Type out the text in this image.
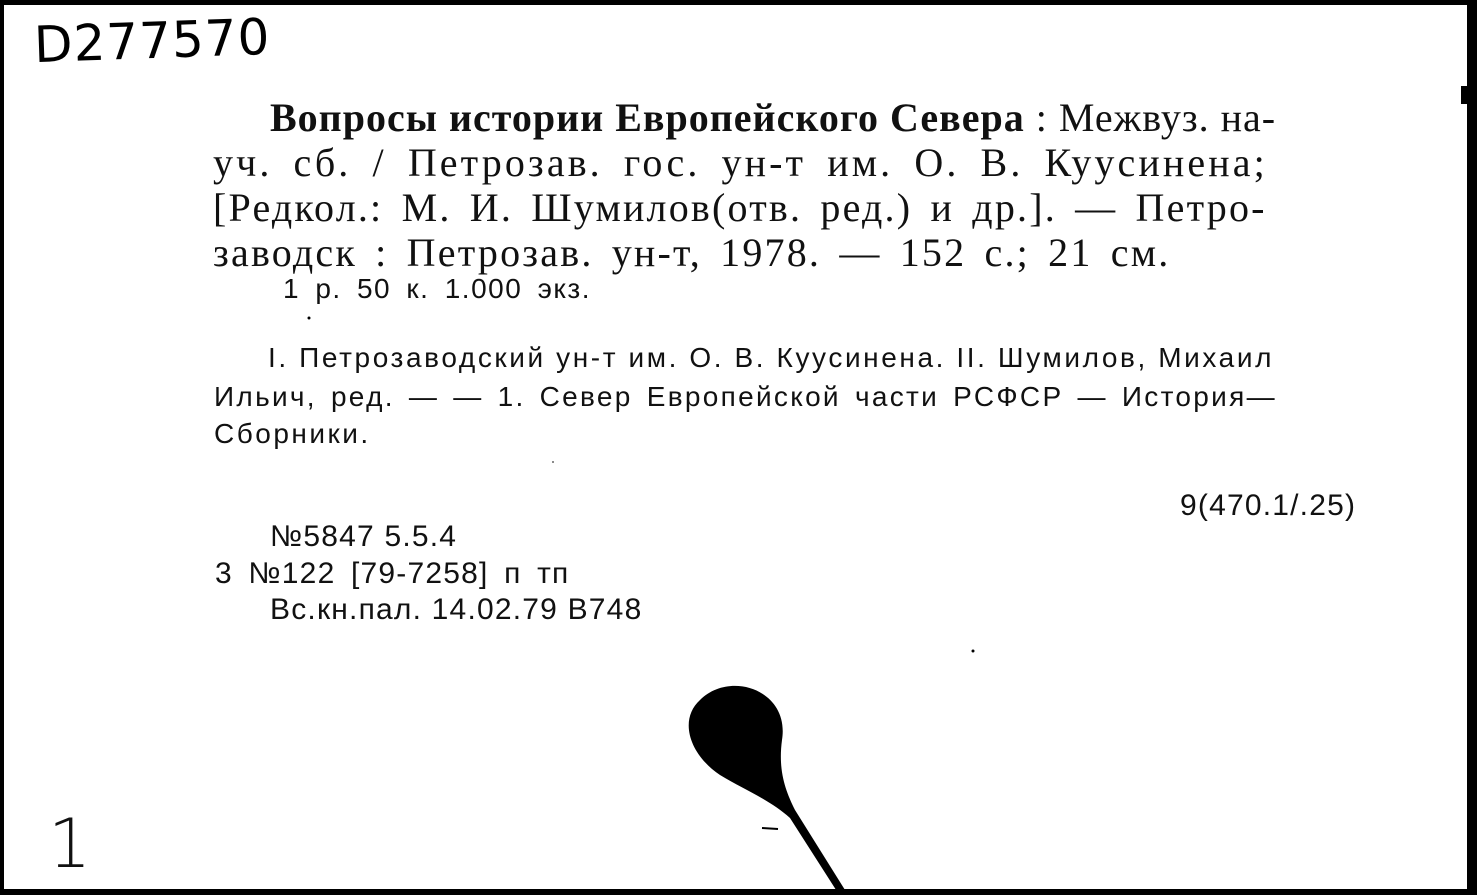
D277570
Вопросы истории Европейского Севера : Межвуз. на-
уч. сб. / Петрозав. гос. ун-т им. О. В. Куусинена;
[Редкол.: М. И. Шумилов(отв. ред.) и др.]. — Петро-
заводск : Петрозав. ун-т, 1978. — 152 с.; 21 см.
1 р. 50 к. 1.000 экз.
I. Петрозаводский ун-т им. О. В. Куусинена. II. Шумилов, Михаил
Ильич, ред. — — 1. Север Европейской части РСФСР — История—
Сборники.
9(470.1/.25)
№5847 5.5.4
3 №122 [79-7258] п тп
Вс.кн.пал. 14.02.79 В748
1
